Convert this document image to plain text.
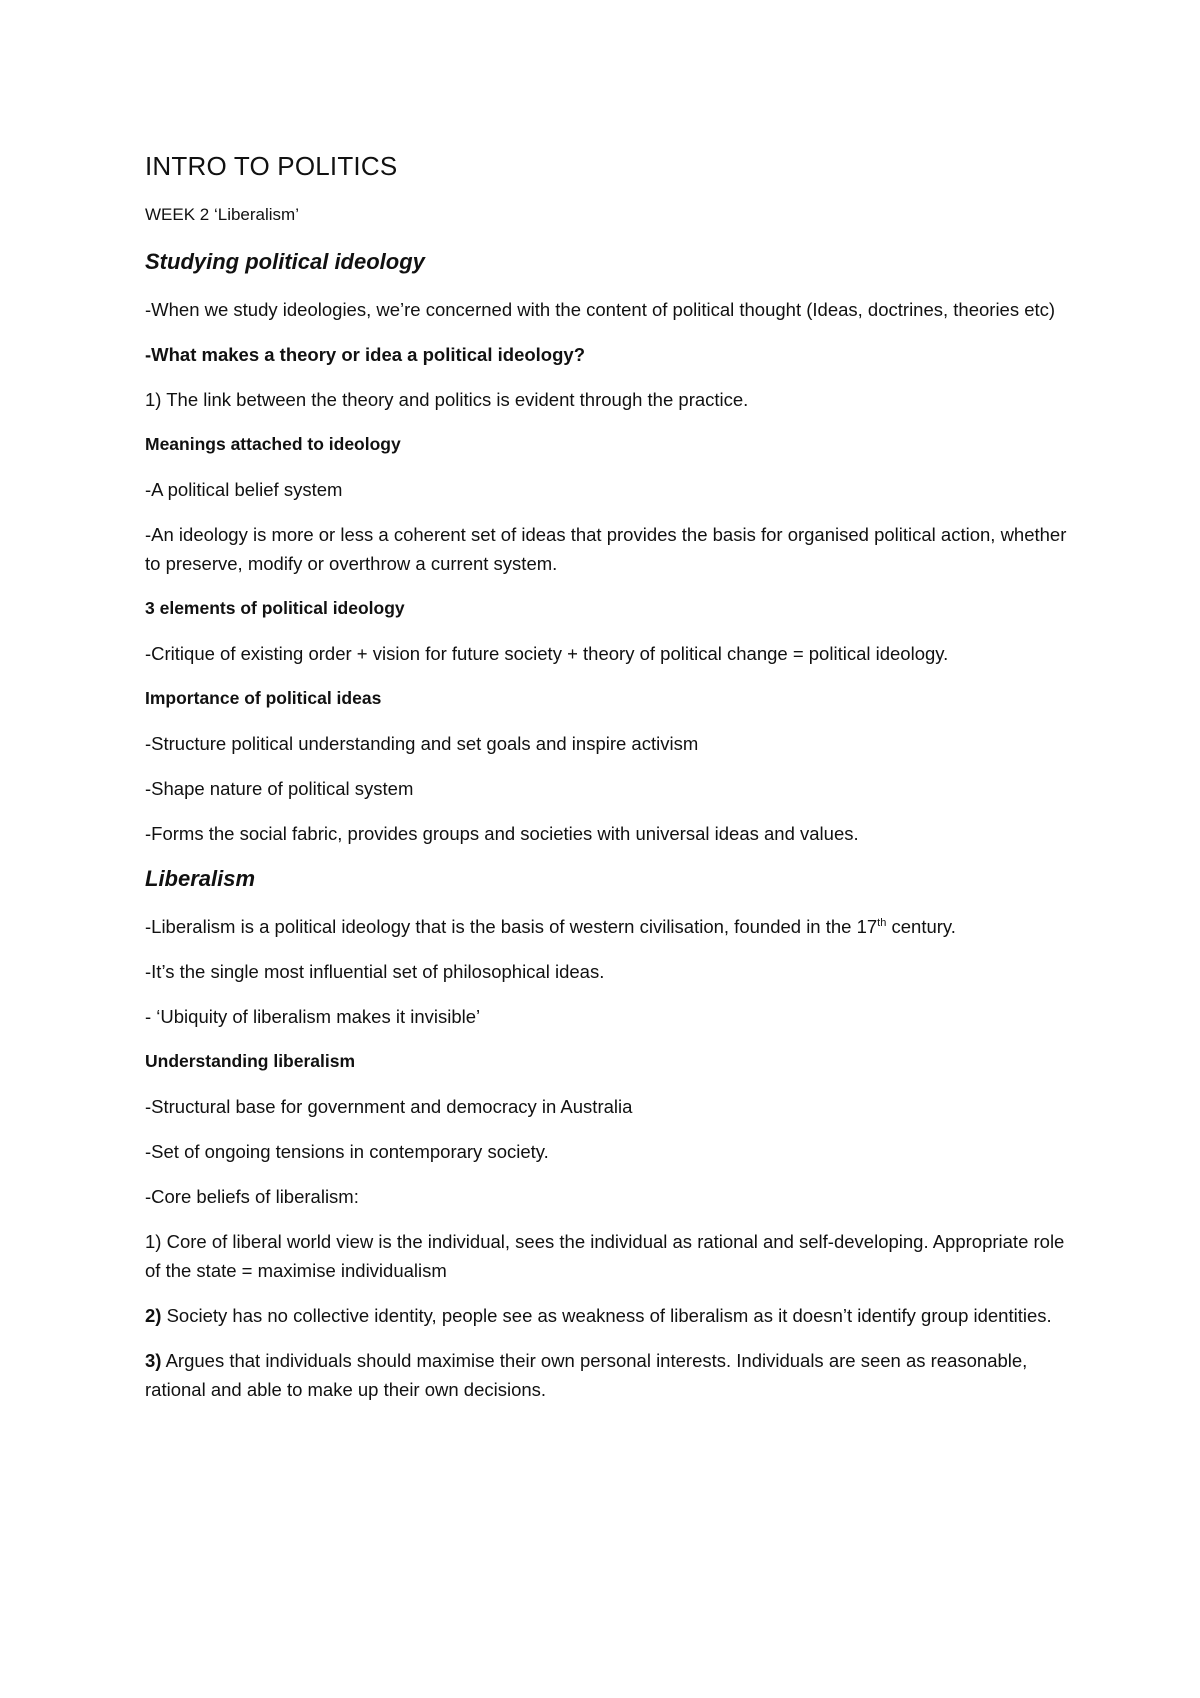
INTRO TO POLITICS
WEEK 2 ‘Liberalism’
Studying political ideology

-When we study ideologies, we’re concerned with the content of political thought (Ideas, doctrines, theories etc)

-What makes a theory or idea a political ideology?

1) The link between the theory and politics is evident through the practice.

Meanings attached to ideology

-A political belief system

-An ideology is more or less a coherent set of ideas that provides the basis for organised political action, whether to preserve, modify or overthrow a current system.

3 elements of political ideology

-Critique of existing order + vision for future society + theory of political change = political ideology.

Importance of political ideas

-Structure political understanding and set goals and inspire activism

-Shape nature of political system

-Forms the social fabric, provides groups and societies with universal ideas and values.

Liberalism

-Liberalism is a political ideology that is the basis of western civilisation, founded in the 17th century.

-It’s the single most influential set of philosophical ideas.

- ‘Ubiquity of liberalism makes it invisible’

Understanding liberalism

-Structural base for government and democracy in Australia

-Set of ongoing tensions in contemporary society.

-Core beliefs of liberalism:

1) Core of liberal world view is the individual, sees the individual as rational and self-developing. Appropriate role of the state = maximise individualism

2) Society has no collective identity, people see as weakness of liberalism as it doesn’t identify group identities.

3) Argues that individuals should maximise their own personal interests. Individuals are seen as reasonable, rational and able to make up their own decisions.
